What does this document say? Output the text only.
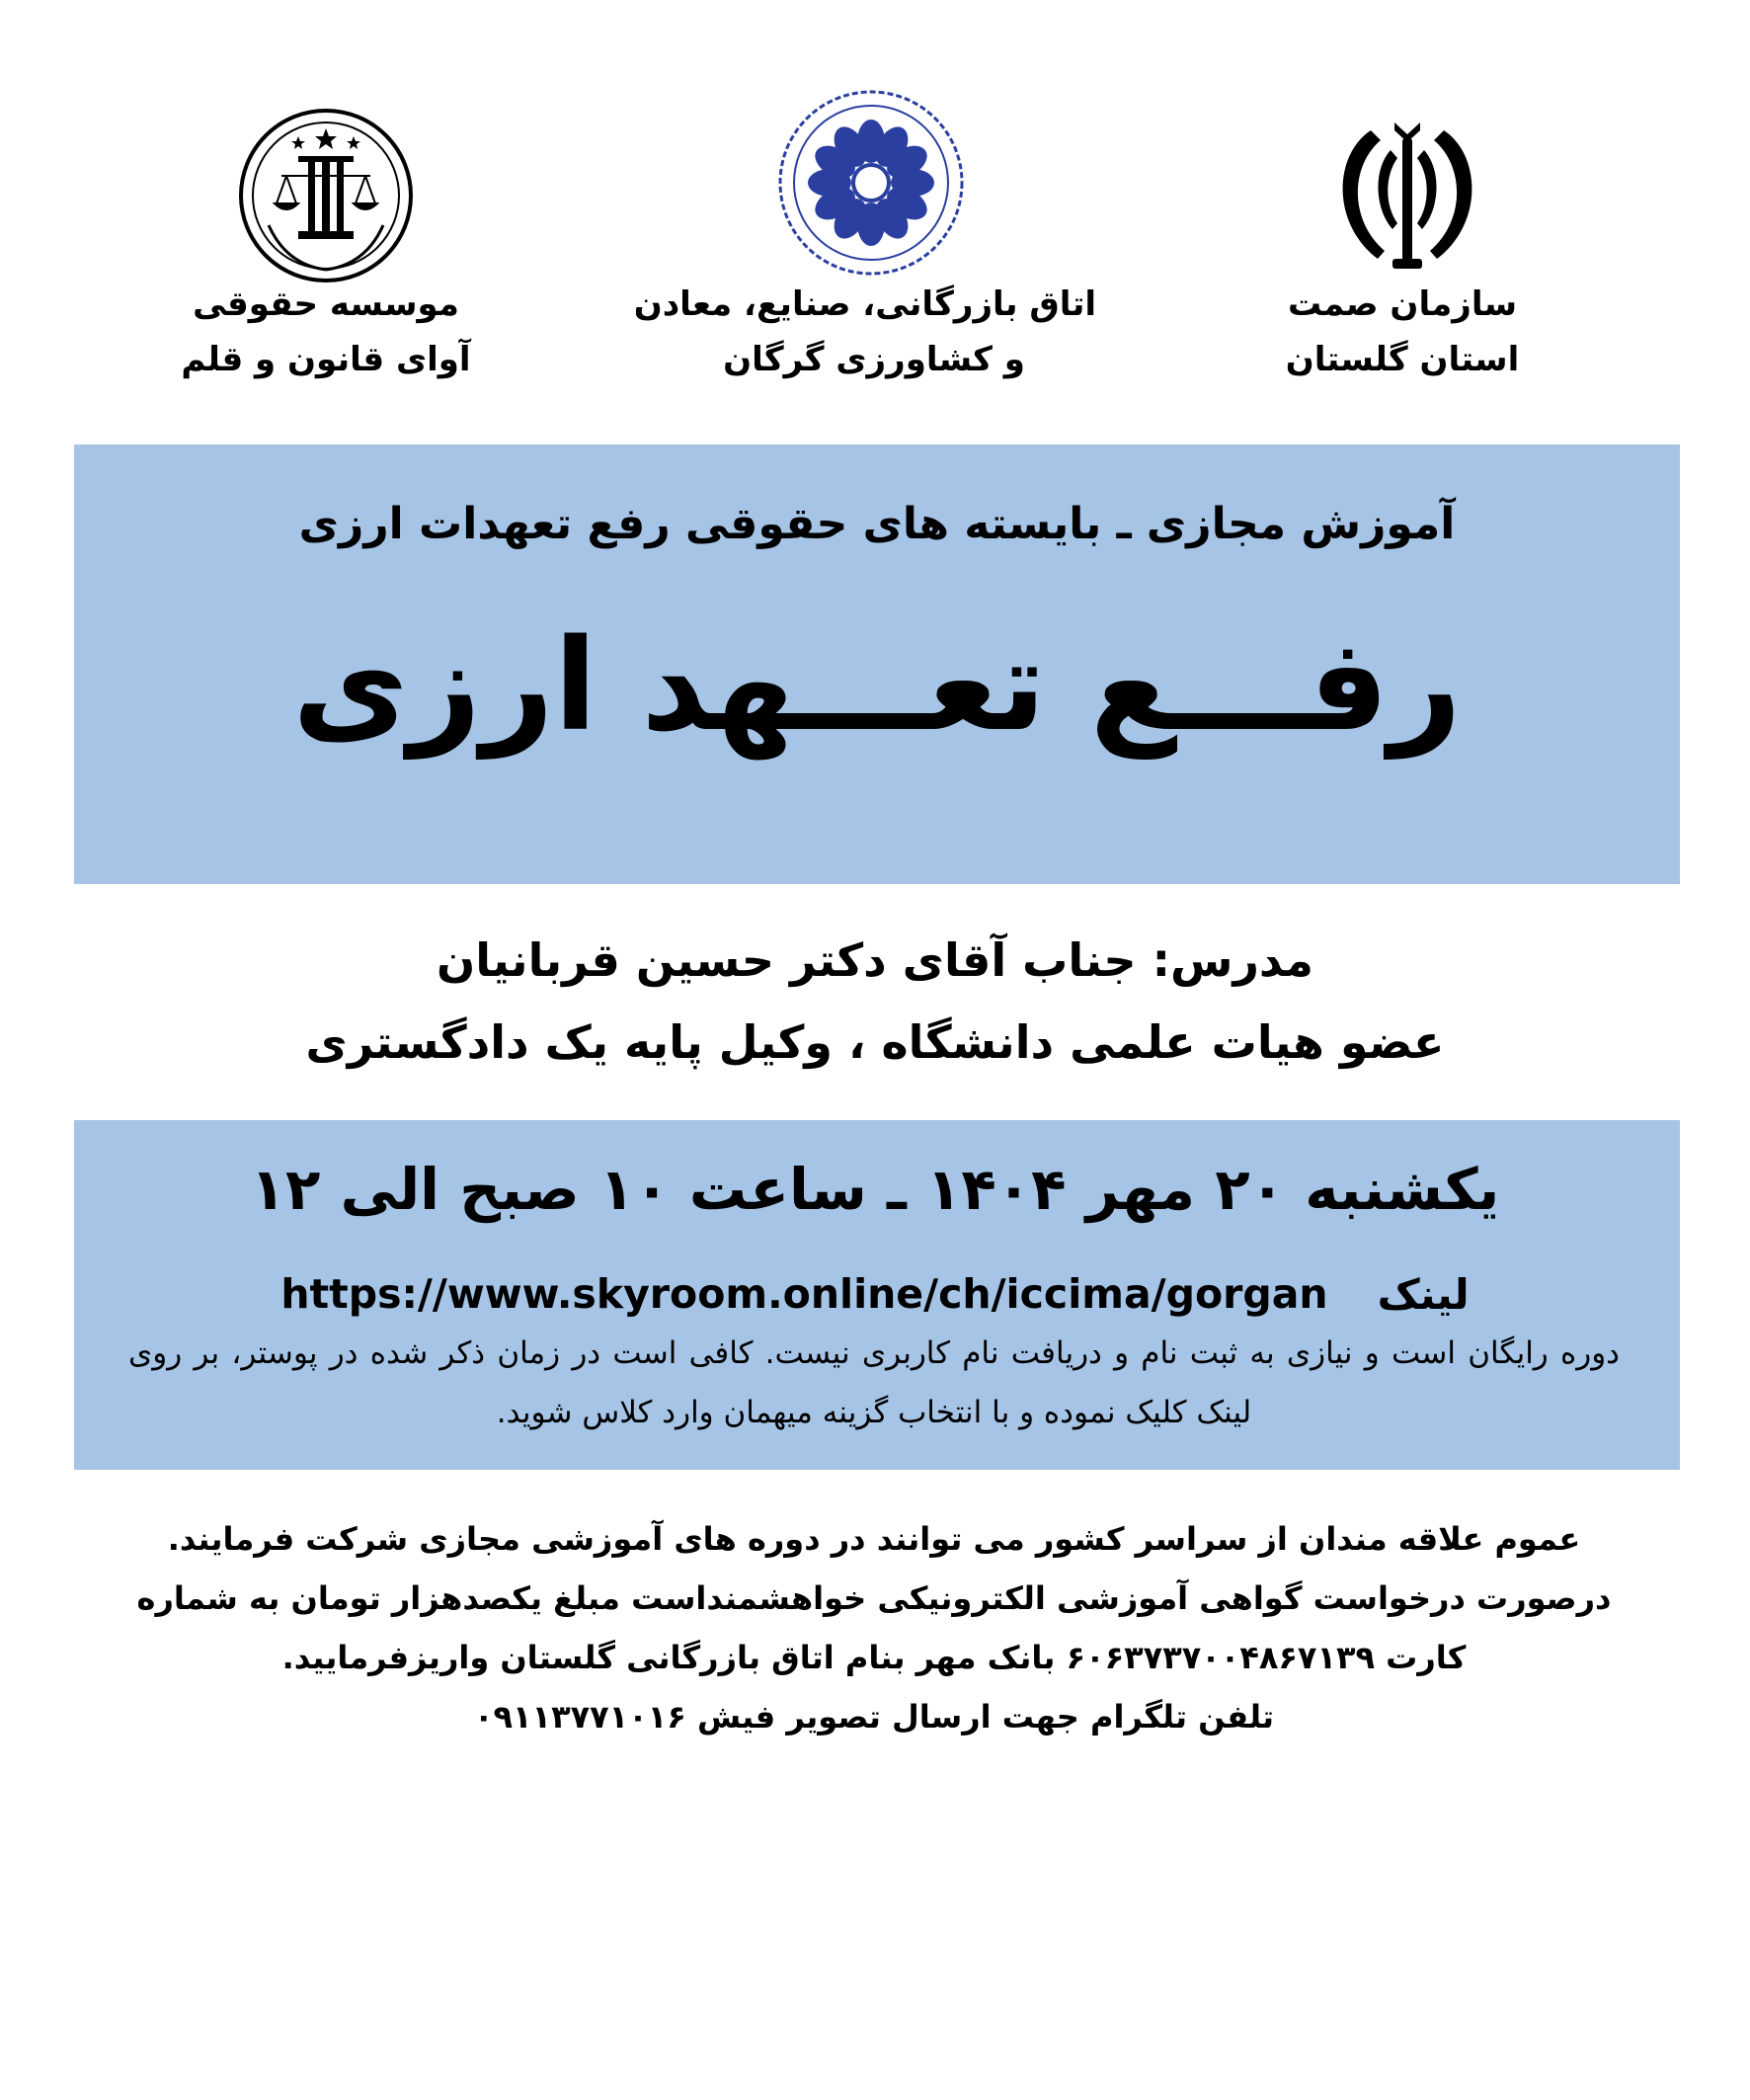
موسسه حقوقی
آوای قانون و قلم
اتاق بازرگانی، صنایع، معادن
و کشاورزی گرگان
سازمان صمت
استان گلستان
آموزش مجازی ـ بایسته های حقوقی رفع تعهدات ارزی
رفـــع تعـــهد ارزی
مدرس: جناب آقای دکتر حسین قربانیان
عضو هیات علمی دانشگاه ، وکیل پایه یک دادگستری
یکشنبه ۲۰ مهر ۱۴۰۴ ـ ساعت ۱۰ صبح الی ۱۲
لینک
https://www.skyroom.online/ch/iccima/gorgan
دوره رایگان است و نیازی به ثبت نام و دریافت نام کاربری نیست. کافی است در زمان ذکر شده در پوستر، بر روی لینک کلیک نموده و با انتخاب گزینه میهمان وارد کلاس شوید.
عموم علاقه مندان از سراسر کشور می توانند در دوره های آموزشی مجازی شرکت فرمایند.
درصورت درخواست گواهی آموزشی الکترونیکی خواهشمنداست مبلغ یکصدهزار تومان به شماره
کارت ۶۰۶۳۷۳۷۰۰۴۸۶۷۱۳۹ بانک مهر بنام اتاق بازرگانی گلستان واریزفرمایید.
تلفن تلگرام جهت ارسال تصویر فیش ۰۹۱۱۳۷۷۱۰۱۶
